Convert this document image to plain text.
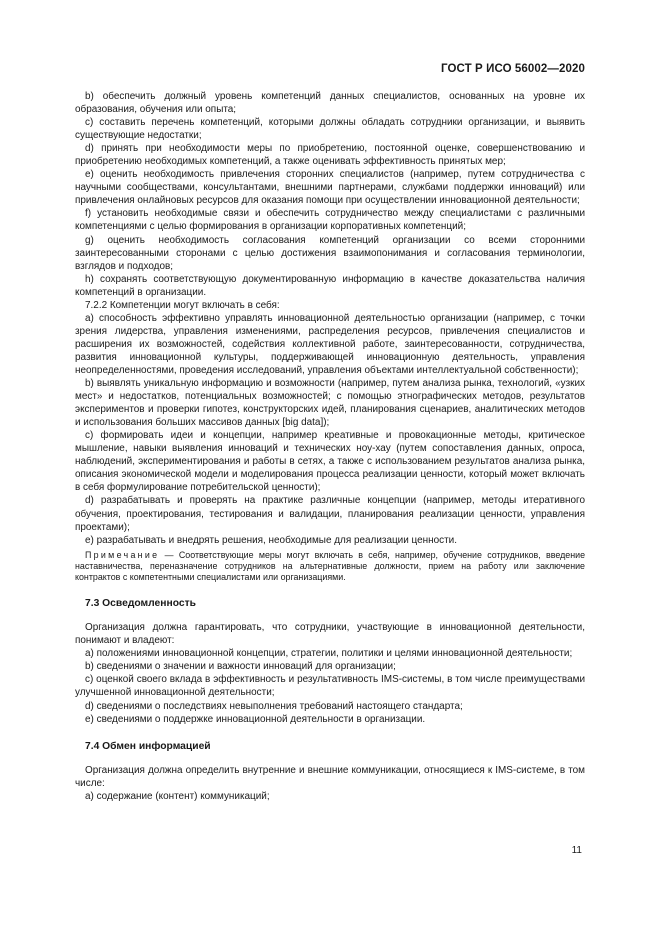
ГОСТ Р ИСО 56002—2020

b) обеспечить должный уровень компетенций данных специалистов, основанных на уровне их образования, обучения или опыта;

c) составить перечень компетенций, которыми должны обладать сотрудники организации, и выявить существующие недостатки;

d) принять при необходимости меры по приобретению, постоянной оценке, совершенствованию и приобретению необходимых компетенций, а также оценивать эффективность принятых мер;

e) оценить необходимость привлечения сторонних специалистов (например, путем сотрудничества с научными сообществами, консультантами, внешними партнерами, службами поддержки инноваций) или привлечения онлайновых ресурсов для оказания помощи при осуществлении инновационной деятельности;

f) установить необходимые связи и обеспечить сотрудничество между специалистами с различными компетенциями с целью формирования в организации корпоративных компетенций;

g) оценить необходимость согласования компетенций организации со всеми сторонними заинтересованными сторонами с целью достижения взаимопонимания и согласования терминологии, взглядов и подходов;

h) сохранять соответствующую документированную информацию в качестве доказательства наличия компетенций в организации.

7.2.2 Компетенции могут включать в себя:

a) способность эффективно управлять инновационной деятельностью организации (например, с точки зрения лидерства, управления изменениями, распределения ресурсов, привлечения специалистов и расширения их возможностей, содействия коллективной работе, заинтересованности, сотрудничества, развития инновационной культуры, поддерживающей инновационную деятельность, управления неопределенностями, проведения исследований, управления объектами интеллектуальной собственности);

b) выявлять уникальную информацию и возможности (например, путем анализа рынка, технологий, «узких мест» и недостатков, потенциальных возможностей; с помощью этнографических методов, результатов экспериментов и проверки гипотез, конструкторских идей, планирования сценариев, аналитических методов и использования больших массивов данных [big data]);

c) формировать идеи и концепции, например креативные и провокационные методы, критическое мышление, навыки выявления инноваций и технических ноу-хау (путем сопоставления данных, опроса, наблюдений, экспериментирования и работы в сетях, а также с использованием результатов анализа рынка, описания экономической модели и моделирования процесса реализации ценности, который может включать в себя формулирование потребительской ценности);

d) разрабатывать и проверять на практике различные концепции (например, методы итеративного обучения, проектирования, тестирования и валидации, планирования реализации ценности, управления проектами);

e) разрабатывать и внедрять решения, необходимые для реализации ценности.

Примечание — Соответствующие меры могут включать в себя, например, обучение сотрудников, введение наставничества, переназначение сотрудников на альтернативные должности, прием на работу или заключение контрактов с компетентными специалистами или организациями.

7.3 Осведомленность

Организация должна гарантировать, что сотрудники, участвующие в инновационной деятельности, понимают и владеют:

a) положениями инновационной концепции, стратегии, политики и целями инновационной деятельности;

b) сведениями о значении и важности инноваций для организации;

c) оценкой своего вклада в эффективность и результативность IMS-системы, в том числе преимуществами улучшенной инновационной деятельности;

d) сведениями о последствиях невыполнения требований настоящего стандарта;

e) сведениями о поддержке инновационной деятельности в организации.

7.4 Обмен информацией

Организация должна определить внутренние и внешние коммуникации, относящиеся к IMS-системе, в том числе:

a) содержание (контент) коммуникаций;

11
